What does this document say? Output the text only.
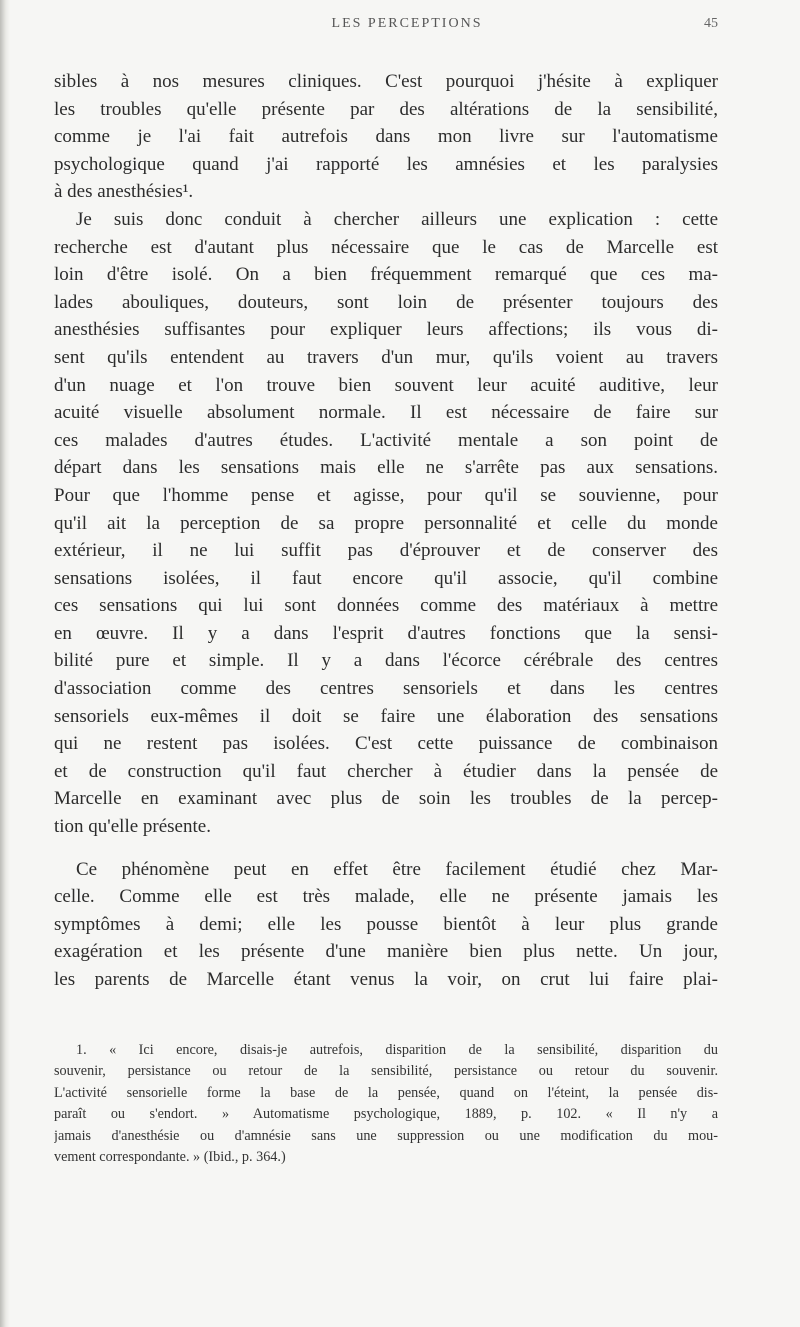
LES PERCEPTIONS	45

sibles à nos mesures cliniques. C'est pourquoi j'hésite à expliquer
les troubles qu'elle présente par des altérations de la sensibilité,
comme je l'ai fait autrefois dans mon livre sur l'automatisme
psychologique quand j'ai rapporté les amnésies et les paralysies
à des anesthésies¹.

Je suis donc conduit à chercher ailleurs une explication : cette
recherche est d'autant plus nécessaire que le cas de Marcelle est
loin d'être isolé. On a bien fréquemment remarqué que ces ma-
lades abouliques, douteurs, sont loin de présenter toujours des
anesthésies suffisantes pour expliquer leurs affections; ils vous di-
sent qu'ils entendent au travers d'un mur, qu'ils voient au travers
d'un nuage et l'on trouve bien souvent leur acuité auditive, leur
acuité visuelle absolument normale. Il est nécessaire de faire sur
ces malades d'autres études. L'activité mentale a son point de
départ dans les sensations mais elle ne s'arrête pas aux sensations.
Pour que l'homme pense et agisse, pour qu'il se souvienne, pour
qu'il ait la perception de sa propre personnalité et celle du monde
extérieur, il ne lui suffit pas d'éprouver et de conserver des
sensations isolées, il faut encore qu'il associe, qu'il combine
ces sensations qui lui sont données comme des matériaux à mettre
en œuvre. Il y a dans l'esprit d'autres fonctions que la sensi-
bilité pure et simple. Il y a dans l'écorce cérébrale des centres
d'association comme des centres sensoriels et dans les centres
sensoriels eux-mêmes il doit se faire une élaboration des sensations
qui ne restent pas isolées. C'est cette puissance de combinaison
et de construction qu'il faut chercher à étudier dans la pensée de
Marcelle en examinant avec plus de soin les troubles de la percep-
tion qu'elle présente.

Ce phénomène peut en effet être facilement étudié chez Mar-
celle. Comme elle est très malade, elle ne présente jamais les
symptômes à demi; elle les pousse bientôt à leur plus grande
exagération et les présente d'une manière bien plus nette. Un jour,
les parents de Marcelle étant venus la voir, on crut lui faire plai-

1. « Ici encore, disais-je autrefois, disparition de la sensibilité, disparition du
souvenir, persistance ou retour de la sensibilité, persistance ou retour du souvenir.
L'activité sensorielle forme la base de la pensée, quand on l'éteint, la pensée dis-
paraît ou s'endort. » Automatisme psychologique, 1889, p. 102. « Il n'y a
jamais d'anesthésie ou d'amnésie sans une suppression ou une modification du mou-
vement correspondante. » (Ibid., p. 364.)
